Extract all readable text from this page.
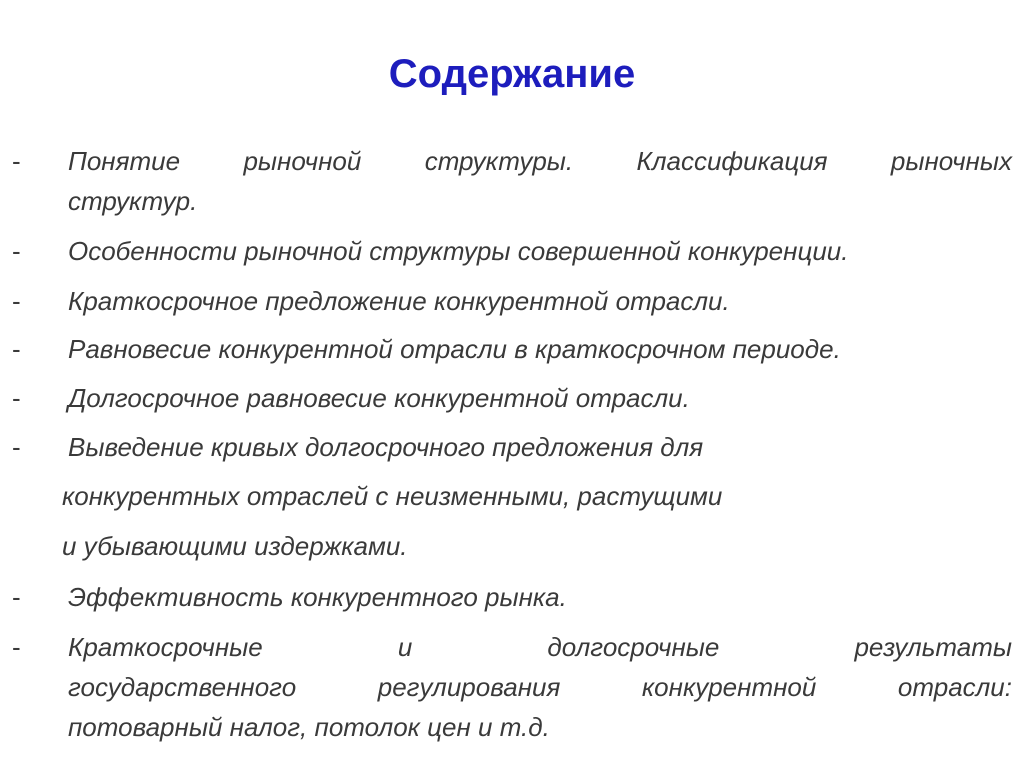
Содержание
- Понятие рыночной структуры. Классификация рыночных
структур.
- Особенности рыночной структуры совершенной конкуренции.
- Краткосрочное предложение конкурентной отрасли.
- Равновесие конкурентной отрасли в краткосрочном периоде.
- Долгосрочное равновесие конкурентной отрасли.
- Выведение кривых долгосрочного предложения для
конкурентных отраслей с неизменными, растущими
и убывающими издержками.
- Эффективность конкурентного рынка.
- Краткосрочные и долгосрочные результаты
государственного регулирования конкурентной отрасли:
потоварный налог, потолок цен и т.д.
